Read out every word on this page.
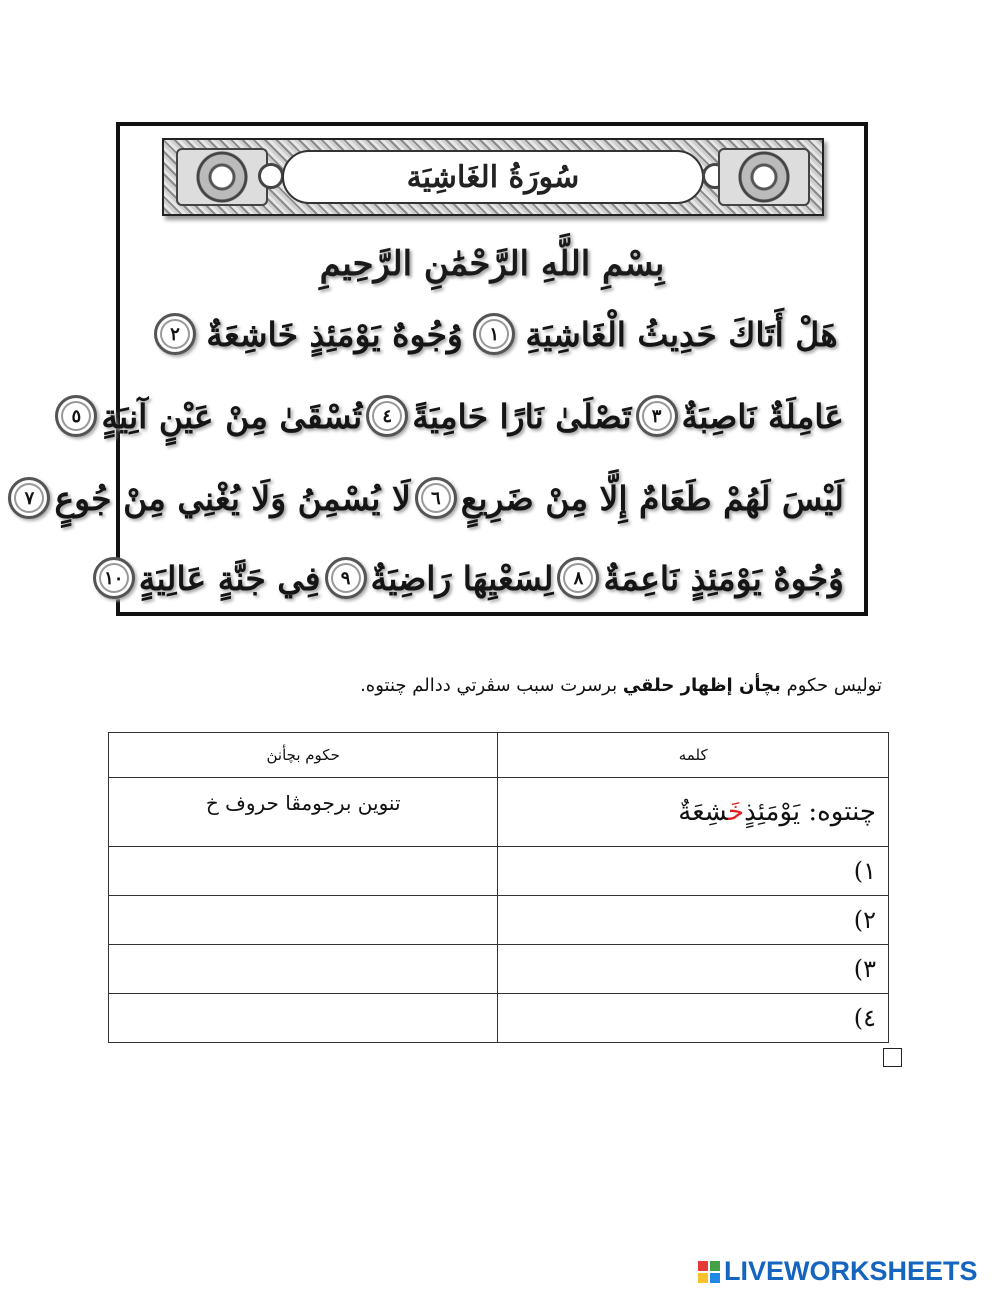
سُورَةُ الغَاشِيَة
بِسْمِ اللَّهِ الرَّحْمَٰنِ الرَّحِيمِ
هَلْ أَتَاكَ حَدِيثُ الْغَاشِيَةِ
١
وُجُوهٌ يَوْمَئِذٍ خَاشِعَةٌ
٢
عَامِلَةٌ نَاصِبَةٌ
٣
تَصْلَىٰ نَارًا حَامِيَةً
٤
تُسْقَىٰ مِنْ عَيْنٍ آنِيَةٍ
٥
لَيْسَ لَهُمْ طَعَامٌ إِلَّا مِنْ ضَرِيعٍ
٦
لَا يُسْمِنُ وَلَا يُغْنِي مِنْ جُوعٍ
٧
وُجُوهٌ يَوْمَئِذٍ نَاعِمَةٌ
٨
لِسَعْيِهَا رَاضِيَةٌ
٩
فِي جَنَّةٍ عَالِيَةٍ
١٠
توليس حکوم بچأن إظهار حلقي برسرت سبب سڤرتي ددالم چنتوه.
کلمه	حکوم بچأنڽ
چنتوه: يَوْمَئِذٍخَشِعَةٌ	تنوين برجومڤا حروف خ

١)	
٢)	
٣)	
٤)	
LIVEWORKSHEETS
